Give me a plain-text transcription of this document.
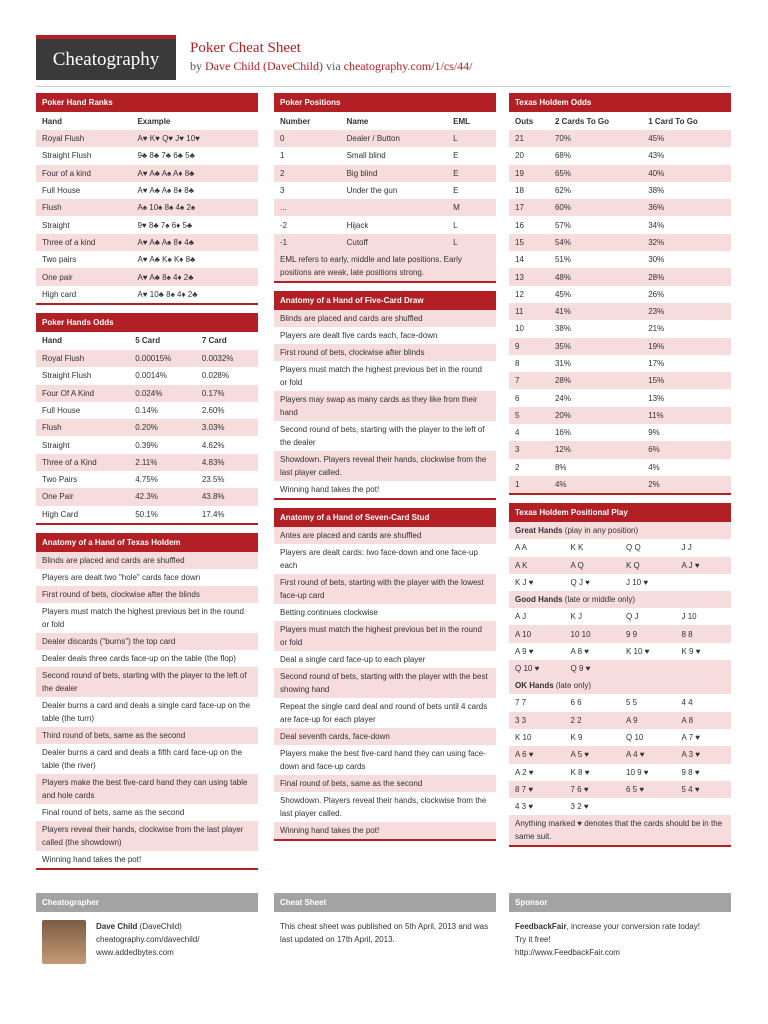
Cheatography
Poker Cheat Sheet
by Dave Child (DaveChild) via cheatography.com/1/cs/44/
Poker Hand Ranks
Hand	Example
Royal Flush	A♥ K♥ Q♥ J♥ 10♥
Straight Flush	9♣ 8♣ 7♣ 6♣ 5♣
Four of a kind	A♥ A♣ A♠ A♦ 8♣
Full House	A♥ A♣ A♠ 8♦ 8♣
Flush	A♠ 10♠ 8♠ 4♠ 2♠
Straight	9♥ 8♣ 7♠ 6♦ 5♣
Three of a kind	A♥ A♣ A♠ 8♦ 4♣
Two pairs	A♥ A♣ K♠ K♦ 8♣
One pair	A♥ A♣ 8♠ 4♦ 2♣
High card	A♥ 10♣ 8♠ 4♦ 2♣
Poker Hands Odds
Hand	5 Card	7 Card
Royal Flush	0.00015%	0.0032%
Straight Flush	0.0014%	0.028%
Four Of A Kind	0.024%	0.17%
Full House	0.14%	2.60%
Flush	0.20%	3.03%
Straight	0.39%	4.62%
Three of a Kind	2.11%	4.83%
Two Pairs	4.75%	23.5%
One Pair	42.3%	43.8%
High Card	50.1%	17.4%
Anatomy of a Hand of Texas Holdem
Blinds are placed and cards are shuffled
Players are dealt two "hole" cards face down
First round of bets, clockwise after the blinds
Players must match the highest previous bet in the round or fold
Dealer discards ("burns") the top card
Dealer deals three cards face-up on the table (the flop)
Second round of bets, starting with the player to the left of the dealer
Dealer burns a card and deals a single card face-up on the table (the turn)
Third round of bets, same as the second
Dealer burns a card and deals a fifth card face-up on the table (the river)
Players make the best five-card hand they can using table and hole cards
Final round of bets, same as the second
Players reveal their hands, clockwise from the last player called (the showdown)
Winning hand takes the pot!
Poker Positions
Number	Name	EML
0	Dealer / Button	L
1	Small blind	E
2	Big blind	E
3	Under the gun	E
...		M
-2	Hijack	L
-1	Cutoff	L
EML refers to early, middle and late positions. Early positions are weak, late positions strong.
Anatomy of a Hand of Five-Card Draw
Blinds are placed and cards are shuffled
Players are dealt five cards each, face-down
First round of bets, clockwise after blinds
Players must match the highest previous bet in the round or fold
Players may swap as many cards as they like from their hand
Second round of bets, starting with the player to the left of the dealer
Showdown. Players reveal their hands, clockwise from the last player called.
Winning hand takes the pot!
Anatomy of a Hand of Seven-Card Stud
Antes are placed and cards are shuffled
Players are dealt cards: two face-down and one face-up each
First round of bets, starting with the player with the lowest face-up card
Betting continues clockwise
Players must match the highest previous bet in the round or fold
Deal a single card face-up to each player
Second round of bets, starting with the player with the best showing hand
Repeat the single card deal and round of bets until 4 cards are face-up for each player
Deal seventh cards, face-down
Players make the best five-card hand they can using face-down and face-up cards
Final round of bets, same as the second
Showdown. Players reveal their hands, clockwise from the last player called.
Winning hand takes the pot!
Texas Holdem Odds
Outs	2 Cards To Go	1 Card To Go
21	70%	45%
20	68%	43%
19	65%	40%
18	62%	38%
17	60%	36%
16	57%	34%
15	54%	32%
14	51%	30%
13	48%	28%
12	45%	26%
11	41%	23%
10	38%	21%
9	35%	19%
8	31%	17%
7	28%	15%
6	24%	13%
5	20%	11%
4	16%	9%
3	12%	6%
2	8%	4%
1	4%	2%
Texas Holdem Positional Play
Great Hands (play in any position)
A A	K K	Q Q	J J
A K	A Q	K Q	A J ♥
K J ♥	Q J ♥	J 10 ♥	
Good Hands (late or middle only)
A J	K J	Q J	J 10
A 10	10 10	9 9	8 8
A 9 ♥	A 8 ♥	K 10 ♥	K 9 ♥
Q 10 ♥	Q 9 ♥		
OK Hands (late only)
7 7	6 6	5 5	4 4
3 3	2 2	A 9	A 8
K 10	K 9	Q 10	A 7 ♥
A 6 ♥	A 5 ♥	A 4 ♥	A 3 ♥
A 2 ♥	K 8 ♥	10 9 ♥	9 8 ♥
8 7 ♥	7 6 ♥	6 5 ♥	5 4 ♥
4 3 ♥	3 2 ♥		
Anything marked ♥ denotes that the cards should be in the same suit.
Cheatographer
Dave Child (DaveChild)
cheatography.com/davechild/
www.addedbytes.com
Cheat Sheet
This cheat sheet was published on 5th April, 2013 and was last updated on 17th April, 2013.
Sponsor
FeedbackFair, increase your conversion rate today!
Try it free!
http://www.FeedbackFair.com
